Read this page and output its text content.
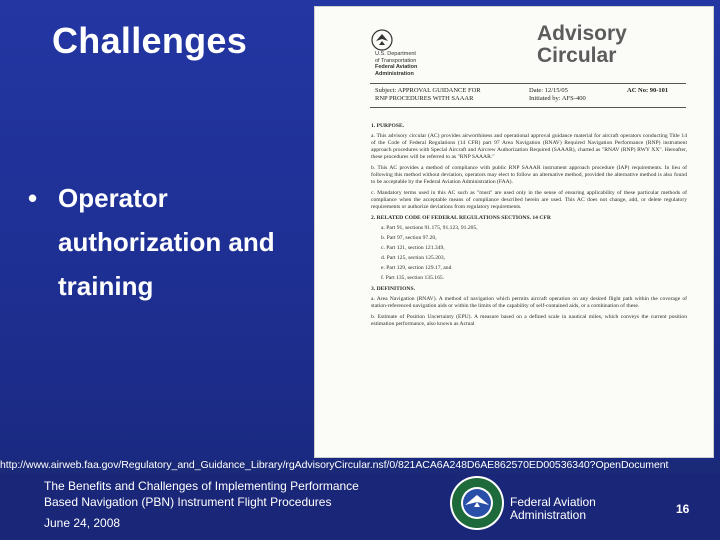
Challenges
• Operator
authorization and
training
U.S. Department
of Transportation
Federal Aviation
Administration
Advisory
Circular
Subject: APPROVAL GUIDANCE FOR
RNP PROCEDURES WITH SAAAR
Date: 12/15/05
Initiated by: AFS-400
AC No: 90-101
1. PURPOSE.
a. This advisory circular (AC) provides airworthiness and operational approval guidance material for aircraft operators conducting Title 14 of the Code of Federal Regulations (14 CFR) part 97 Area Navigation (RNAV) Required Navigation Performance (RNP) instrument approach procedures with Special Aircraft and Aircrew Authorization Required (SAAAR), charted as "RNAV (RNP) RWY XX". Hereafter, these procedures will be referred to as "RNP SAAAR."
b. This AC provides a method of compliance with public RNP SAAAR instrument approach procedure (IAP) requirements. In lieu of following this method without deviation, operators may elect to follow an alternative method, provided the alternative method is also found to be acceptable by the Federal Aviation Administration (FAA).
c. Mandatory terms used in this AC such as "must" are used only in the sense of ensuring applicability of these particular methods of compliance when the acceptable means of compliance described herein are used. This AC does not change, add, or delete regulatory requirements or authorize deviations from regulatory requirements.
2. RELATED CODE OF FEDERAL REGULATIONS SECTIONS. 14 CFR
a. Part 91, sections 91.175, 91.123, 91.205,
b. Part 97, section 97.20,
c. Part 121, section 121.349,
d. Part 125, section 125.203,
e. Part 129, section 129.17, and
f. Part 135, section 135.165.
3. DEFINITIONS.
a. Area Navigation (RNAV). A method of navigation which permits aircraft operation on any desired flight path within the coverage of station-referenced navigation aids or within the limits of the capability of self-contained aids, or a combination of these.
b. Estimate of Position Uncertainty (EPU). A measure based on a defined scale in nautical miles, which conveys the current position estimation performance, also known as Actual
http://www.airweb.faa.gov/Regulatory_and_Guidance_Library/rgAdvisoryCircular.nsf/0/821ACA6A248D6AE862570ED00536340?OpenDocument
The Benefits and Challenges of Implementing Performance
Based Navigation (PBN) Instrument Flight Procedures
June 24, 2008
Federal Aviation
Administration	16
